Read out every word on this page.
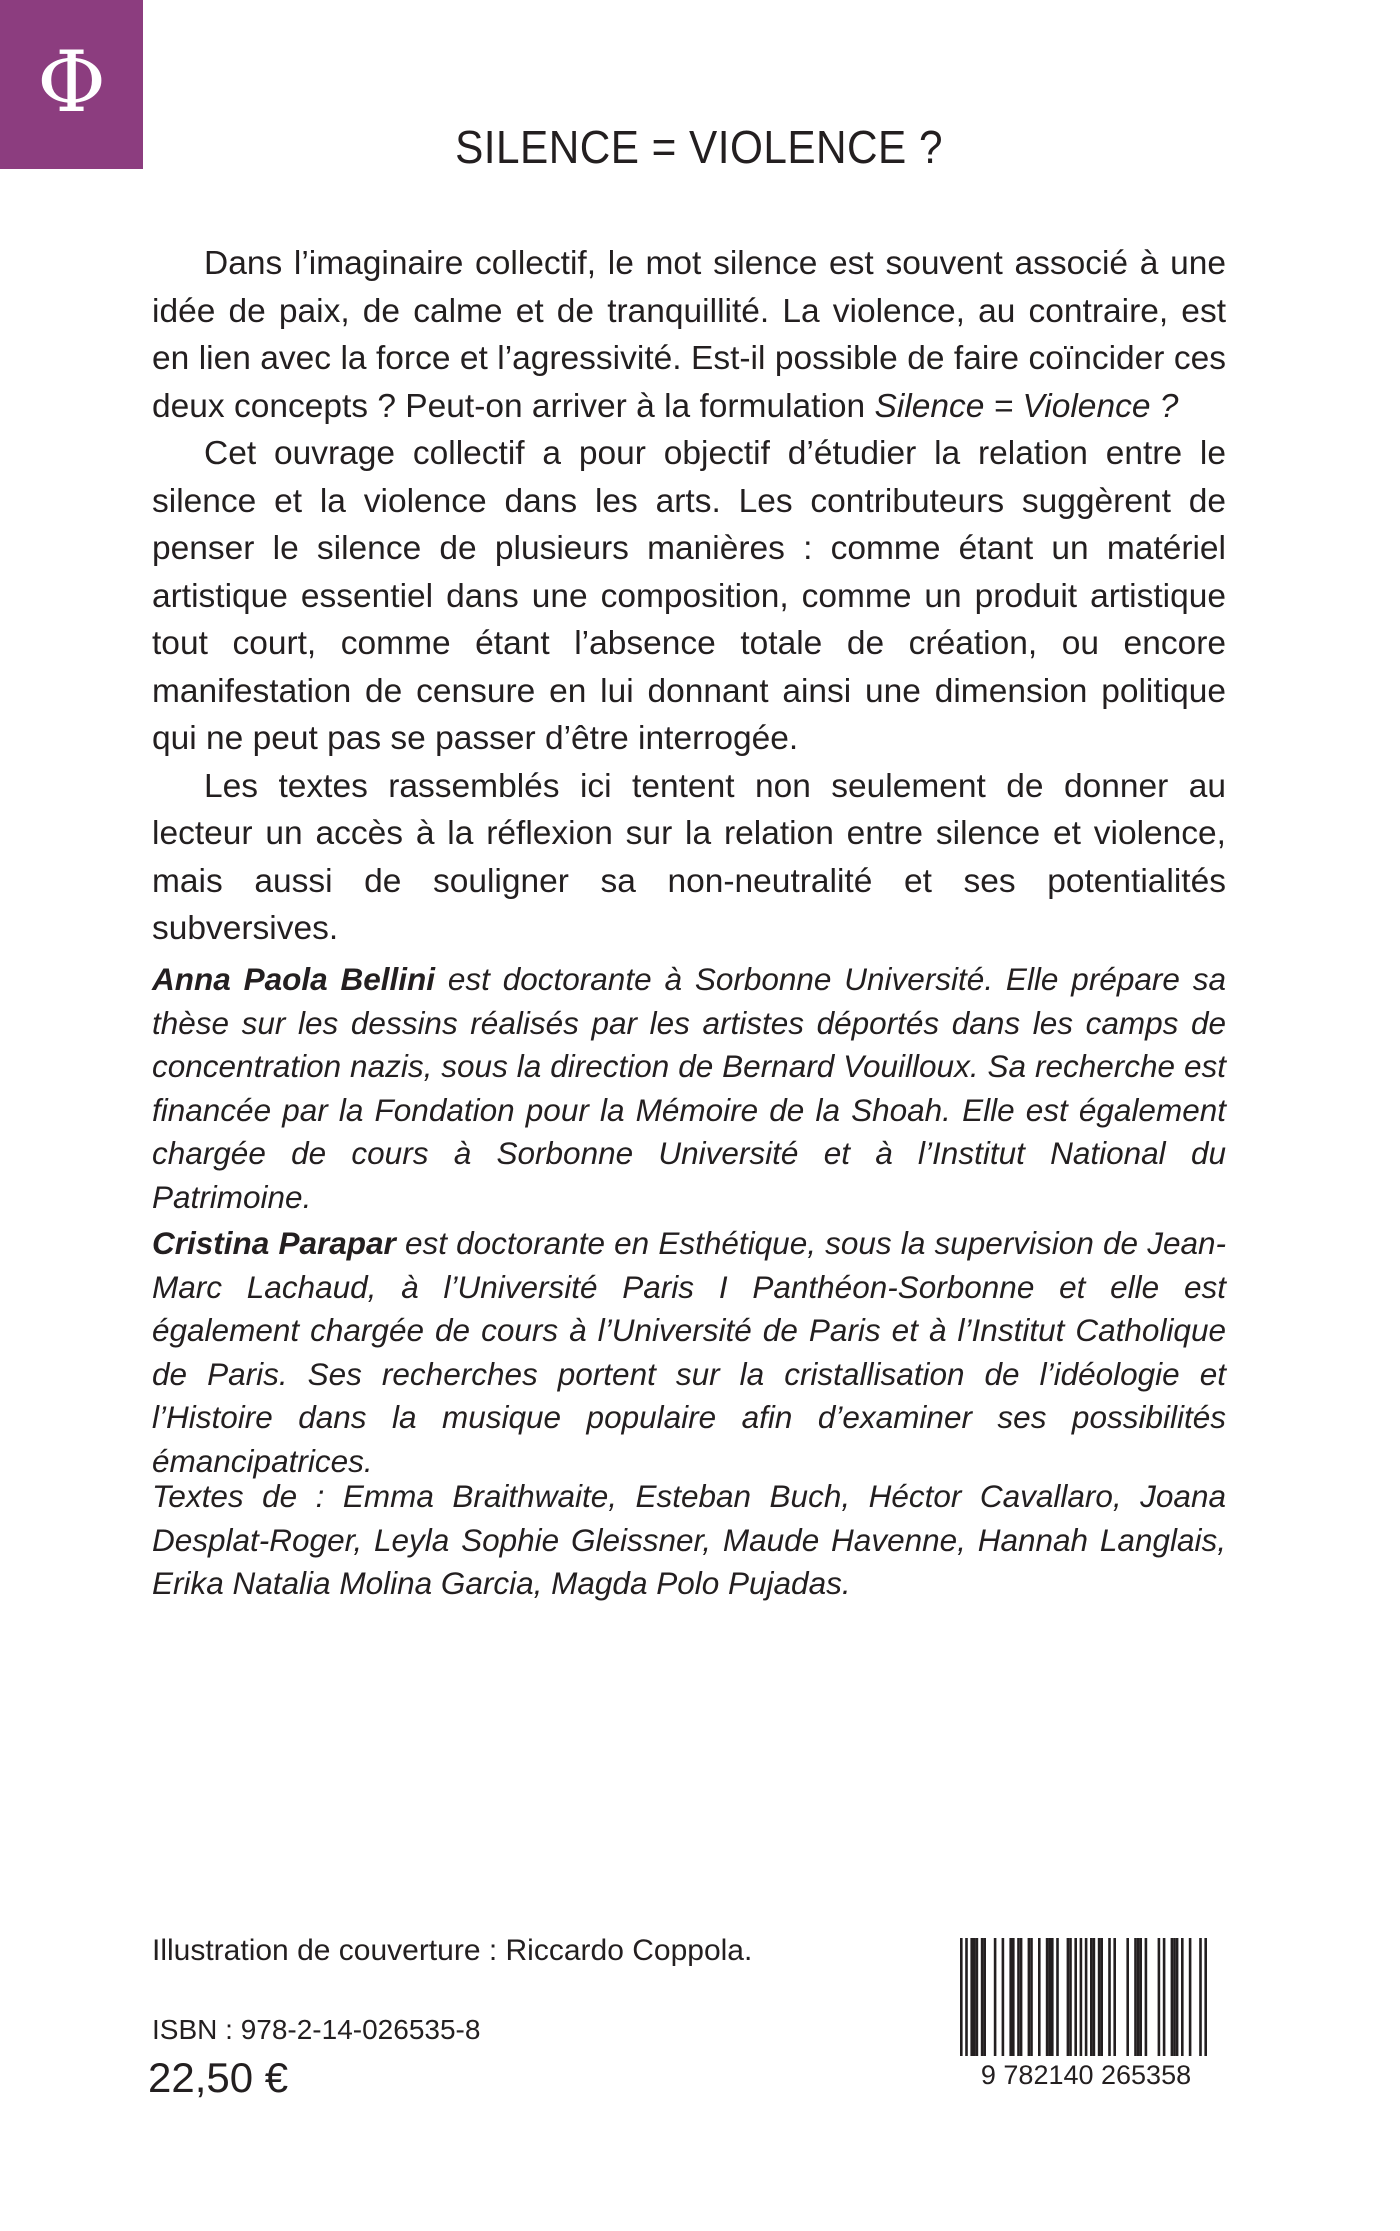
Φ
SILENCE = VIOLENCE ?

Dans l’imaginaire collectif, le mot silence est souvent associé à une idée de paix, de calme et de tranquillité. La violence, au contraire, est en lien avec la force et l’agressivité. Est-il possible de faire coïncider ces deux concepts ? Peut-on arriver à la formulation Silence = Violence ?

Cet ouvrage collectif a pour objectif d’étudier la relation entre le silence et la violence dans les arts. Les contributeurs suggèrent de penser le silence de plusieurs manières : comme étant un matériel artistique essentiel dans une composition, comme un produit artistique tout court, comme étant l’absence totale de création, ou encore manifestation de censure en lui donnant ainsi une dimension politique qui ne peut pas se passer d’être interrogée.

Les textes rassemblés ici tentent non seulement de donner au lecteur un accès à la réflexion sur la relation entre silence et violence, mais aussi de souligner sa non-neutralité et ses potentialités subversives.

Anna Paola Bellini est doctorante à Sorbonne Université. Elle prépare sa thèse sur les dessins réalisés par les artistes déportés dans les camps de concentration nazis, sous la direction de Bernard Vouilloux. Sa recherche est financée par la Fondation pour la Mémoire de la Shoah. Elle est également chargée de cours à Sorbonne Université et à l’Institut National du Patrimoine.

Cristina Parapar est doctorante en Esthétique, sous la supervision de Jean-Marc Lachaud, à l’Université Paris I Panthéon-Sorbonne et elle est également chargée de cours à l’Université de Paris et à l’Institut Catholique de Paris. Ses recherches portent sur la cristallisation de l’idéologie et l’Histoire dans la musique populaire afin d’examiner ses possibilités émancipatrices.

Textes de : Emma Braithwaite, Esteban Buch, Héctor Cavallaro, Joana Desplat-Roger, Leyla Sophie Gleissner, Maude Havenne, Hannah Langlais, Erika Natalia Molina Garcia, Magda Polo Pujadas.

Illustration de couverture : Riccardo Coppola.
ISBN : 978-2-14-026535-8
22,50 €	9 782140 265358
